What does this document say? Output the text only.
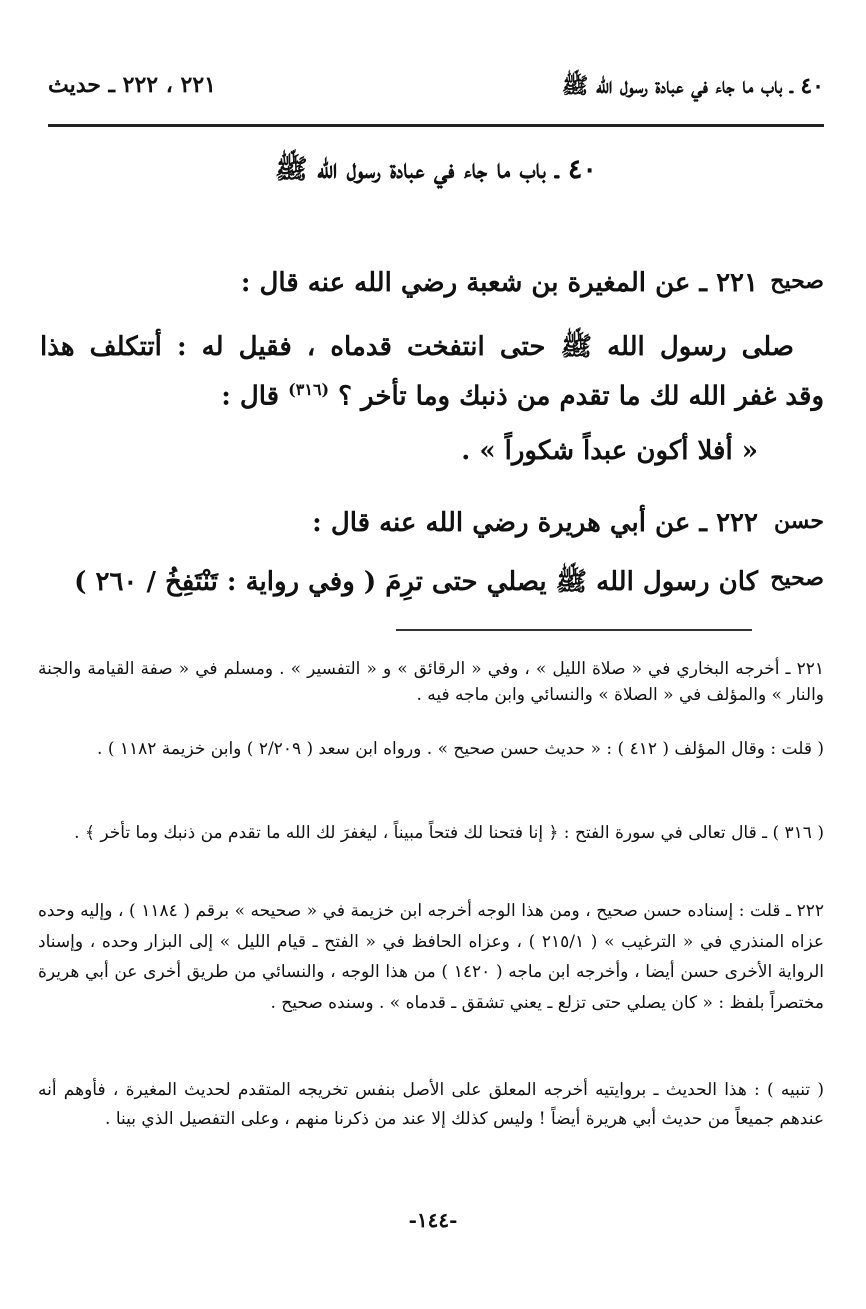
٤٠ ـ باب ما جاء في عبادة رسول الله ﷺ
٢٢١ ، ٢٢٢ ـ حديث
٤٠ ـ باب ما جاء في عبادة رسول الله ﷺ
صحيح
٢٢١ ـ عن المغيرة بن شعبة رضي الله عنه قال :
صلى رسول الله ﷺ حتى انتفخت قدماه ، فقيل له : أتتكلف هذا
وقد غفر الله لك ما تقدم من ذنبك وما تأخر ؟ $^{(٣١٦)}$ قال :
« أفلا أكون عبداً شكوراً » .
حسن
٢٢٢ ـ عن أبي هريرة رضي الله عنه قال :
صحيح
كان رسول الله ﷺ يصلي حتى ترِمَ ( وفي رواية : تَنْتَفِخُ / ٢٦٠ )

٢٢١ ـ أخرجه البخاري في « صلاة الليل » ، وفي « الرقائق » و « التفسير » . ومسلم في « صفة القيامة والجنة والنار » والمؤلف في « الصلاة » والنسائي وابن ماجه فيه .

( قلت : وقال المؤلف ( ٤١٢ ) : « حديث حسن صحيح » . ورواه ابن سعد ( ٢/٢٠٩ ) وابن خزيمة ١١٨٢ ) .

( ٣١٦ ) ـ قال تعالى في سورة الفتح : ﴿ إنا فتحنا لك فتحاً مبيناً ، ليغفرَ لك الله ما تقدم من ذنبك وما تأخر ﴾ .

٢٢٢ ـ قلت : إسناده حسن صحيح ، ومن هذا الوجه أخرجه ابن خزيمة في « صحيحه » برقم ( ١١٨٤ ) ، وإليه وحده عزاه المنذري في « الترغيب » ( ٢١٥/١ ) ، وعزاه الحافظ في « الفتح ـ قيام الليل » إلى البزار وحده ، وإسناد الرواية الأخرى حسن أيضا ، وأخرجه ابن ماجه ( ١٤٢٠ ) من هذا الوجه ، والنسائي من طريق أخرى عن أبي هريرة مختصراً بلفظ : « كان يصلي حتى تزلع ـ يعني تشقق ـ قدماه » . وسنده صحيح .

( تنبيه ) : هذا الحديث ـ بروايتيه أخرجه المعلق على الأصل بنفس تخريجه المتقدم لحديث المغيرة ، فأوهم أنه عندهم جميعاً من حديث أبي هريرة أيضاً ! وليس كذلك إلا عند من ذكرنا منهم ، وعلى التفصيل الذي بينا .

-١٤٤-
